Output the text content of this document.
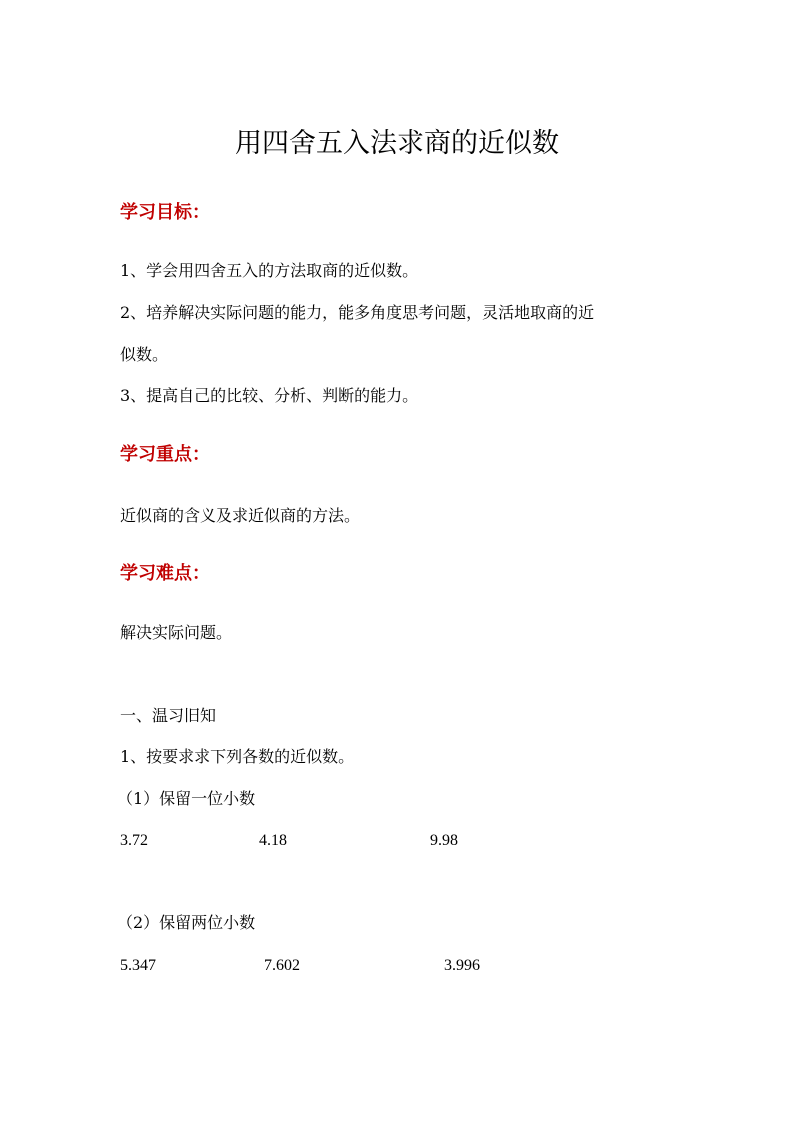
用四舍五入法求商的近似数
学习目标：

1、学会用四舍五入的方法取商的近似数。

2、培养解决实际问题的能力，能多角度思考问题，灵活地取商的近

似数。

3、提高自己的比较、分析、判断的能力。

学习重点：

近似商的含义及求近似商的方法。

学习难点：

解决实际问题。

一、温习旧知

1、按要求求下列各数的近似数。

（1）保留一位小数

3.72	4.18	9.98

（2）保留两位小数

5.347	7.602	3.996
